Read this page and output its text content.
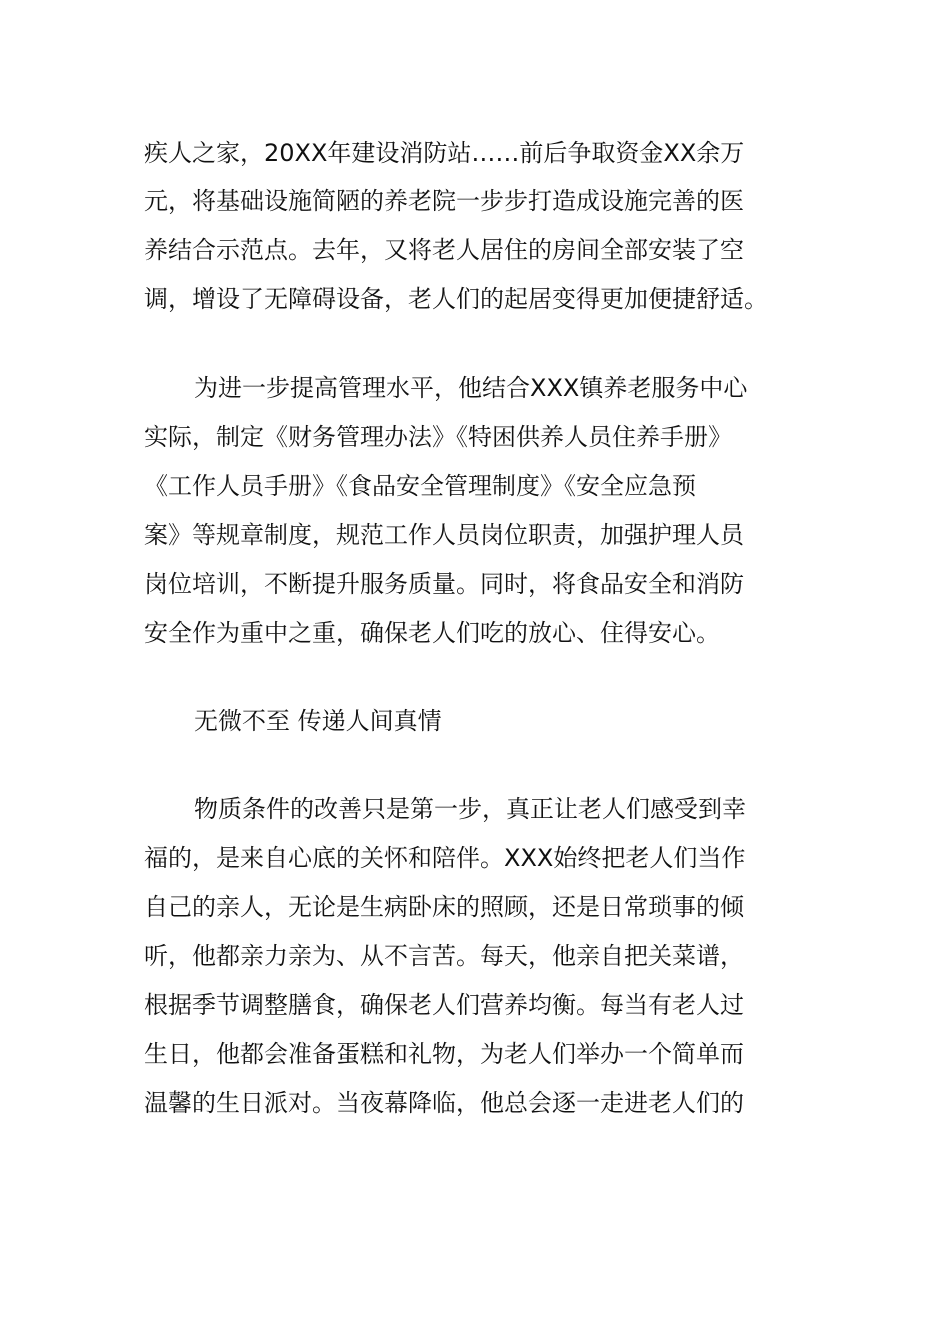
疾人之家，20XX年建设消防站……前后争取资金XX余万
元，将基础设施简陋的养老院一步步打造成设施完善的医
养结合示范点。去年，又将老人居住的房间全部安装了空
调，增设了无障碍设备，老人们的起居变得更加便捷舒适。
为进一步提高管理水平，他结合XXX镇养老服务中心
实际，制定《财务管理办法》《特困供养人员住养手册》
《工作人员手册》《食品安全管理制度》《安全应急预
案》等规章制度，规范工作人员岗位职责，加强护理人员
岗位培训，不断提升服务质量。同时，将食品安全和消防
安全作为重中之重，确保老人们吃的放心、住得安心。
无微不至 传递人间真情
物质条件的改善只是第一步，真正让老人们感受到幸
福的，是来自心底的关怀和陪伴。XXX始终把老人们当作
自己的亲人，无论是生病卧床的照顾，还是日常琐事的倾
听，他都亲力亲为、从不言苦。每天，他亲自把关菜谱，
根据季节调整膳食，确保老人们营养均衡。每当有老人过
生日，他都会准备蛋糕和礼物，为老人们举办一个简单而
温馨的生日派对。当夜幕降临，他总会逐一走进老人们的
